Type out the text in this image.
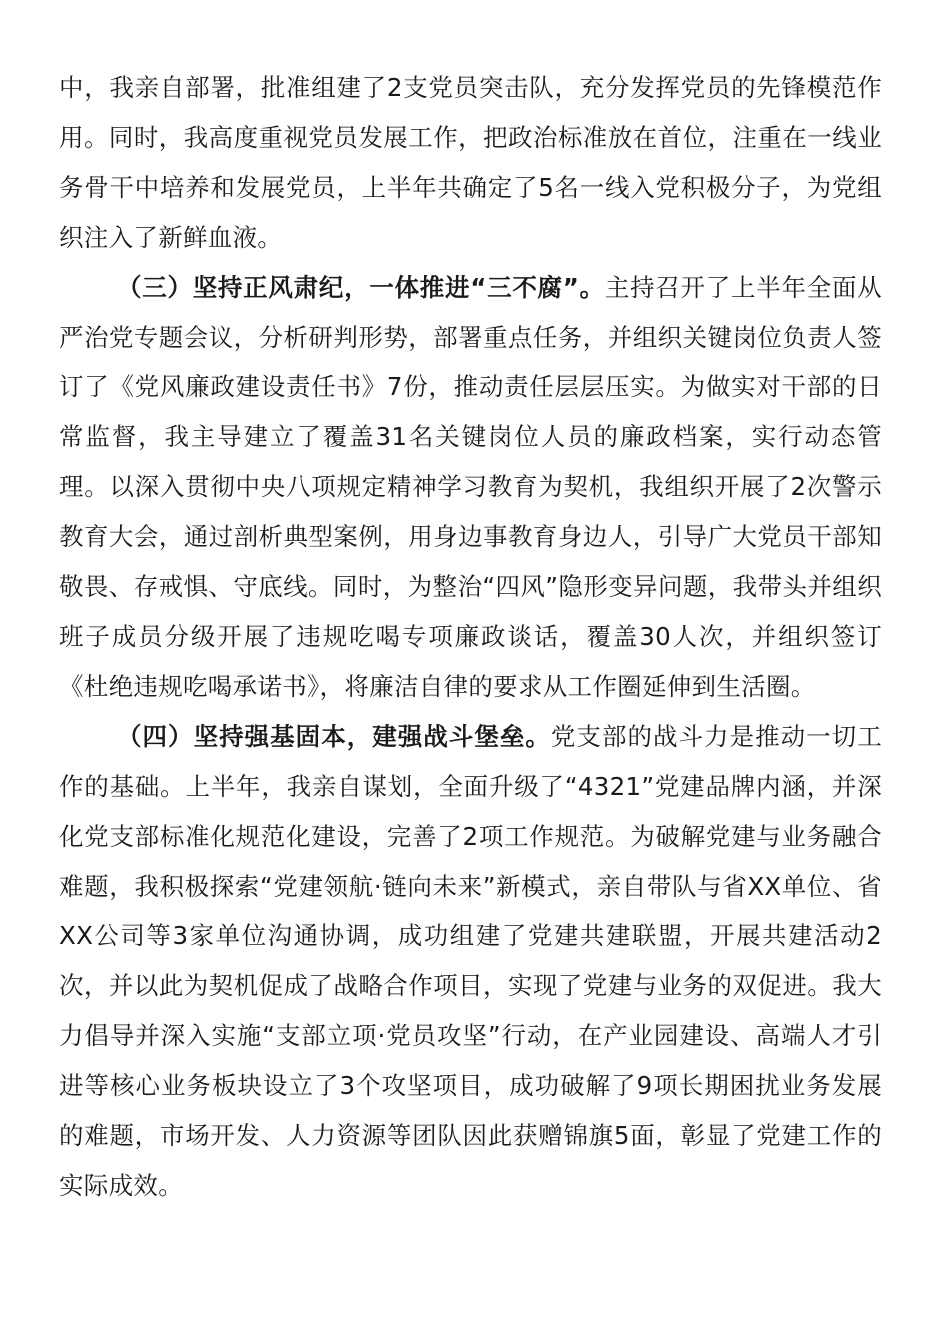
中，我亲自部署，批准组建了2支党员突击队，充分发挥党员的先锋模范作用。同时，我高度重视党员发展工作，把政治标准放在首位，注重在一线业务骨干中培养和发展党员，上半年共确定了5名一线入党积极分子，为党组织注入了新鲜血液。

（三）坚持正风肃纪，一体推进“三不腐”。主持召开了上半年全面从严治党专题会议，分析研判形势，部署重点任务，并组织关键岗位负责人签订了《党风廉政建设责任书》7份，推动责任层层压实。为做实对干部的日常监督，我主导建立了覆盖31名关键岗位人员的廉政档案，实行动态管理。以深入贯彻中央八项规定精神学习教育为契机，我组织开展了2次警示教育大会，通过剖析典型案例，用身边事教育身边人，引导广大党员干部知敬畏、存戒惧、守底线。同时，为整治“四风”隐形变异问题，我带头并组织班子成员分级开展了违规吃喝专项廉政谈话，覆盖30人次，并组织签订《杜绝违规吃喝承诺书》，将廉洁自律的要求从工作圈延伸到生活圈。

（四）坚持强基固本，建强战斗堡垒。党支部的战斗力是推动一切工作的基础。上半年，我亲自谋划，全面升级了“4321”党建品牌内涵，并深化党支部标准化规范化建设，完善了2项工作规范。为破解党建与业务融合难题，我积极探索“党建领航·链向未来”新模式，亲自带队与省XX单位、省XX公司等3家单位沟通协调，成功组建了党建共建联盟，开展共建活动2次，并以此为契机促成了战略合作项目，实现了党建与业务的双促进。我大力倡导并深入实施“支部立项·党员攻坚”行动，在产业园建设、高端人才引进等核心业务板块设立了3个攻坚项目，成功破解了9项长期困扰业务发展的难题，市场开发、人力资源等团队因此获赠锦旗5面，彰显了党建工作的实际成效。
